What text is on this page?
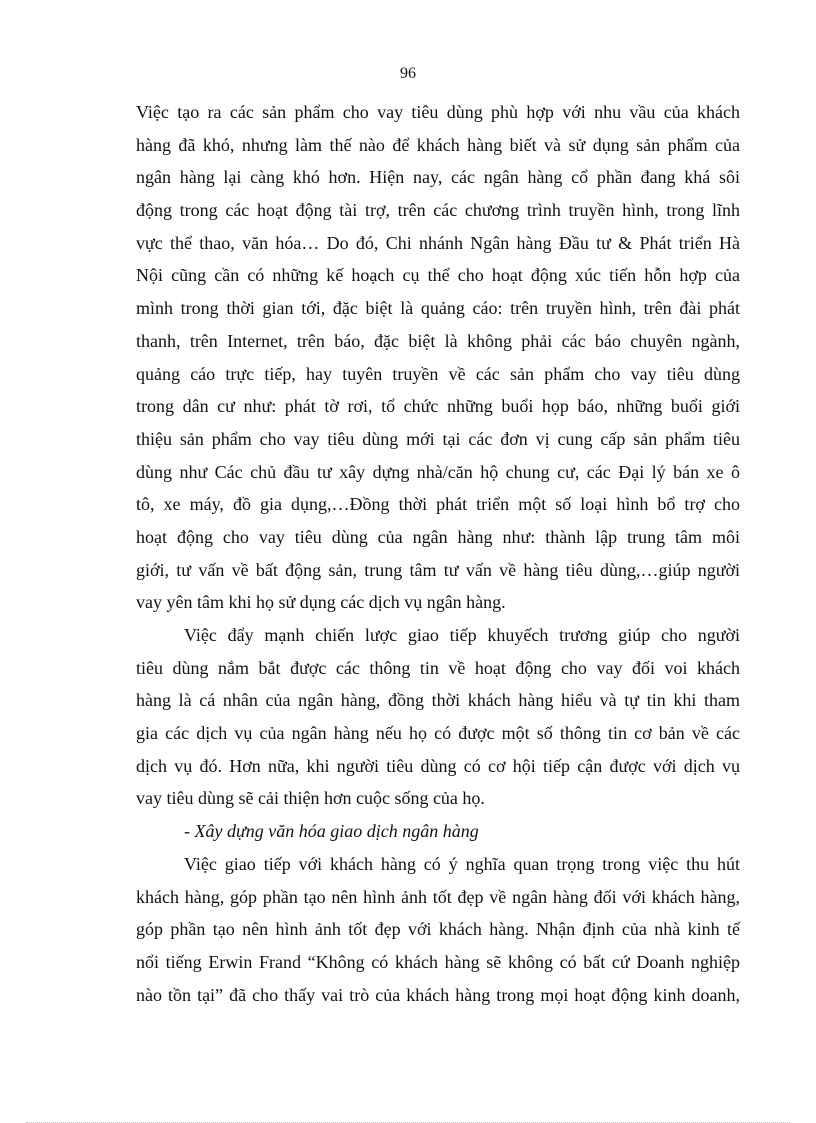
96
Việc tạo ra các sản phẩm cho vay tiêu dùng phù hợp với nhu vầu của khách
hàng đã khó, nhưng làm thế nào để khách hàng biết và sử dụng sản phẩm của
ngân hàng lại càng khó hơn. Hiện nay, các ngân hàng cổ phần đang khá sôi
động trong các hoạt động tài trợ, trên các chương trình truyền hình, trong lĩnh
vực thể thao, văn hóa… Do đó, Chi nhánh Ngân hàng Đầu tư & Phát triển Hà
Nội cũng cần có những kế hoạch cụ thể cho hoạt động xúc tiến hỗn hợp của
mình trong thời gian tới, đặc biệt là quảng cáo: trên truyền hình, trên đài phát
thanh, trên Internet, trên báo, đặc biệt là không phải các báo chuyên ngành,
quảng cáo trực tiếp, hay tuyên truyền về các sản phẩm cho vay tiêu dùng
trong dân cư như: phát tờ rơi, tổ chức những buổi họp báo, những buổi giới
thiệu sản phẩm cho vay tiêu dùng mới tại các đơn vị cung cấp sản phẩm tiêu
dùng như Các chủ đầu tư xây dựng nhà/căn hộ chung cư, các Đại lý bán xe ô
tô, xe máy, đồ gia dụng,…Đồng thời phát triển một số loại hình bổ trợ cho
hoạt động cho vay tiêu dùng của ngân hàng như: thành lập trung tâm môi
giới, tư vấn về bất động sản, trung tâm tư vấn về hàng tiêu dùng,…giúp người
vay yên tâm khi họ sử dụng các dịch vụ ngân hàng.
Việc đẩy mạnh chiến lược giao tiếp khuyếch trương giúp cho người
tiêu dùng nắm bắt được các thông tin về hoạt động cho vay đối voi khách
hàng là cá nhân của ngân hàng, đồng thời khách hàng hiểu và tự tin khi tham
gia các dịch vụ của ngân hàng nếu họ có được một số thông tin cơ bản về các
dịch vụ đó. Hơn nữa, khi người tiêu dùng có cơ hội tiếp cận được với dịch vụ
vay tiêu dùng sẽ cải thiện hơn cuộc sống của họ.
- Xây dựng văn hóa giao dịch ngân hàng
Việc giao tiếp với khách hàng có ý nghĩa quan trọng trong việc thu hút
khách hàng, góp phần tạo nên hình ảnh tốt đẹp về ngân hàng đối với khách hàng,
góp phần tạo nên hình ảnh tốt đẹp với khách hàng. Nhận định của nhà kinh tế
nổi tiếng Erwin Frand “Không có khách hàng sẽ không có bất cứ Doanh nghiệp
nào tồn tại” đã cho thấy vai trò của khách hàng trong mọi hoạt động kinh doanh,
